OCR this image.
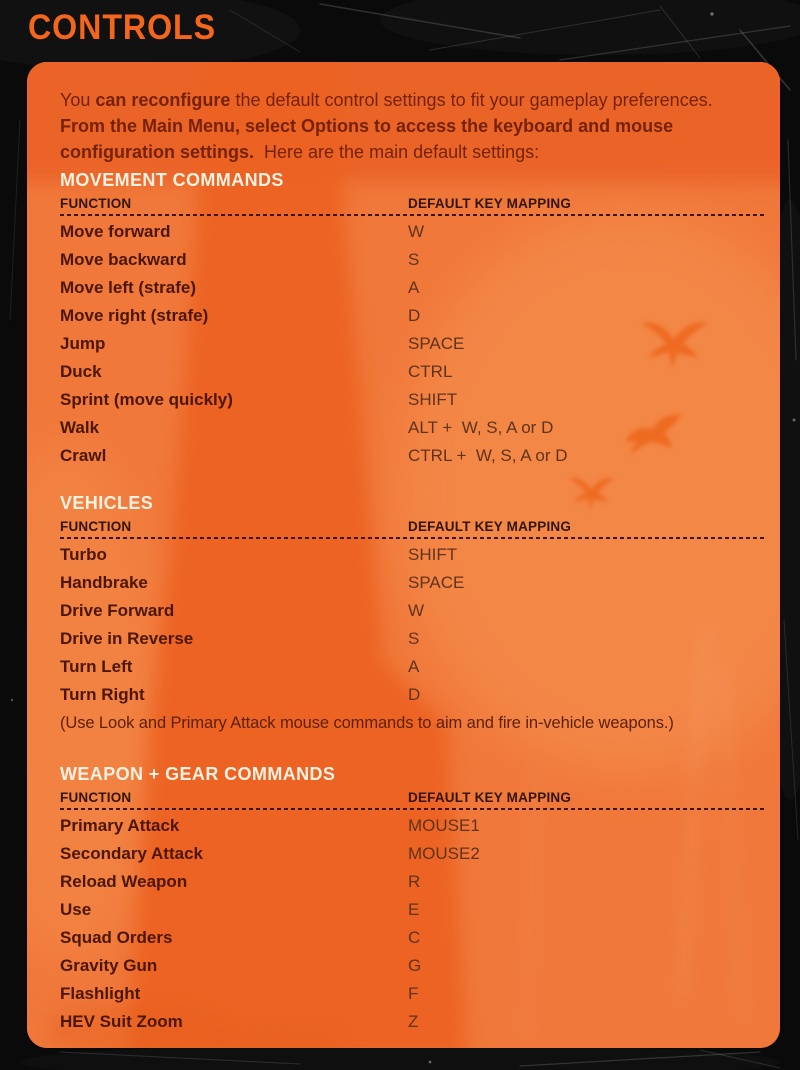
CONTROLS

You can reconfigure the default control settings to fit your gameplay preferences. From the Main Menu, select Options to access the keyboard and mouse configuration settings.  Here are the main default settings:

MOVEMENT COMMANDS
FUNCTION	DEFAULT KEY MAPPING
Move forward	W
Move backward	S
Move left (strafe)	A
Move right (strafe)	D
Jump	SPACE
Duck	CTRL
Sprint (move quickly)	SHIFT
Walk	ALT +  W, S, A or D
Crawl	CTRL +  W, S, A or D
VEHICLES
FUNCTION	DEFAULT KEY MAPPING
Turbo	SHIFT
Handbrake	SPACE
Drive Forward	W
Drive in Reverse	S
Turn Left	A
Turn Right	D
(Use Look and Primary Attack mouse commands to aim and fire in-vehicle weapons.)
WEAPON + GEAR COMMANDS
FUNCTION	DEFAULT KEY MAPPING
Primary Attack	MOUSE1
Secondary Attack	MOUSE2
Reload Weapon	R
Use	E
Squad Orders	C
Gravity Gun	G
Flashlight	F
HEV Suit Zoom	Z
